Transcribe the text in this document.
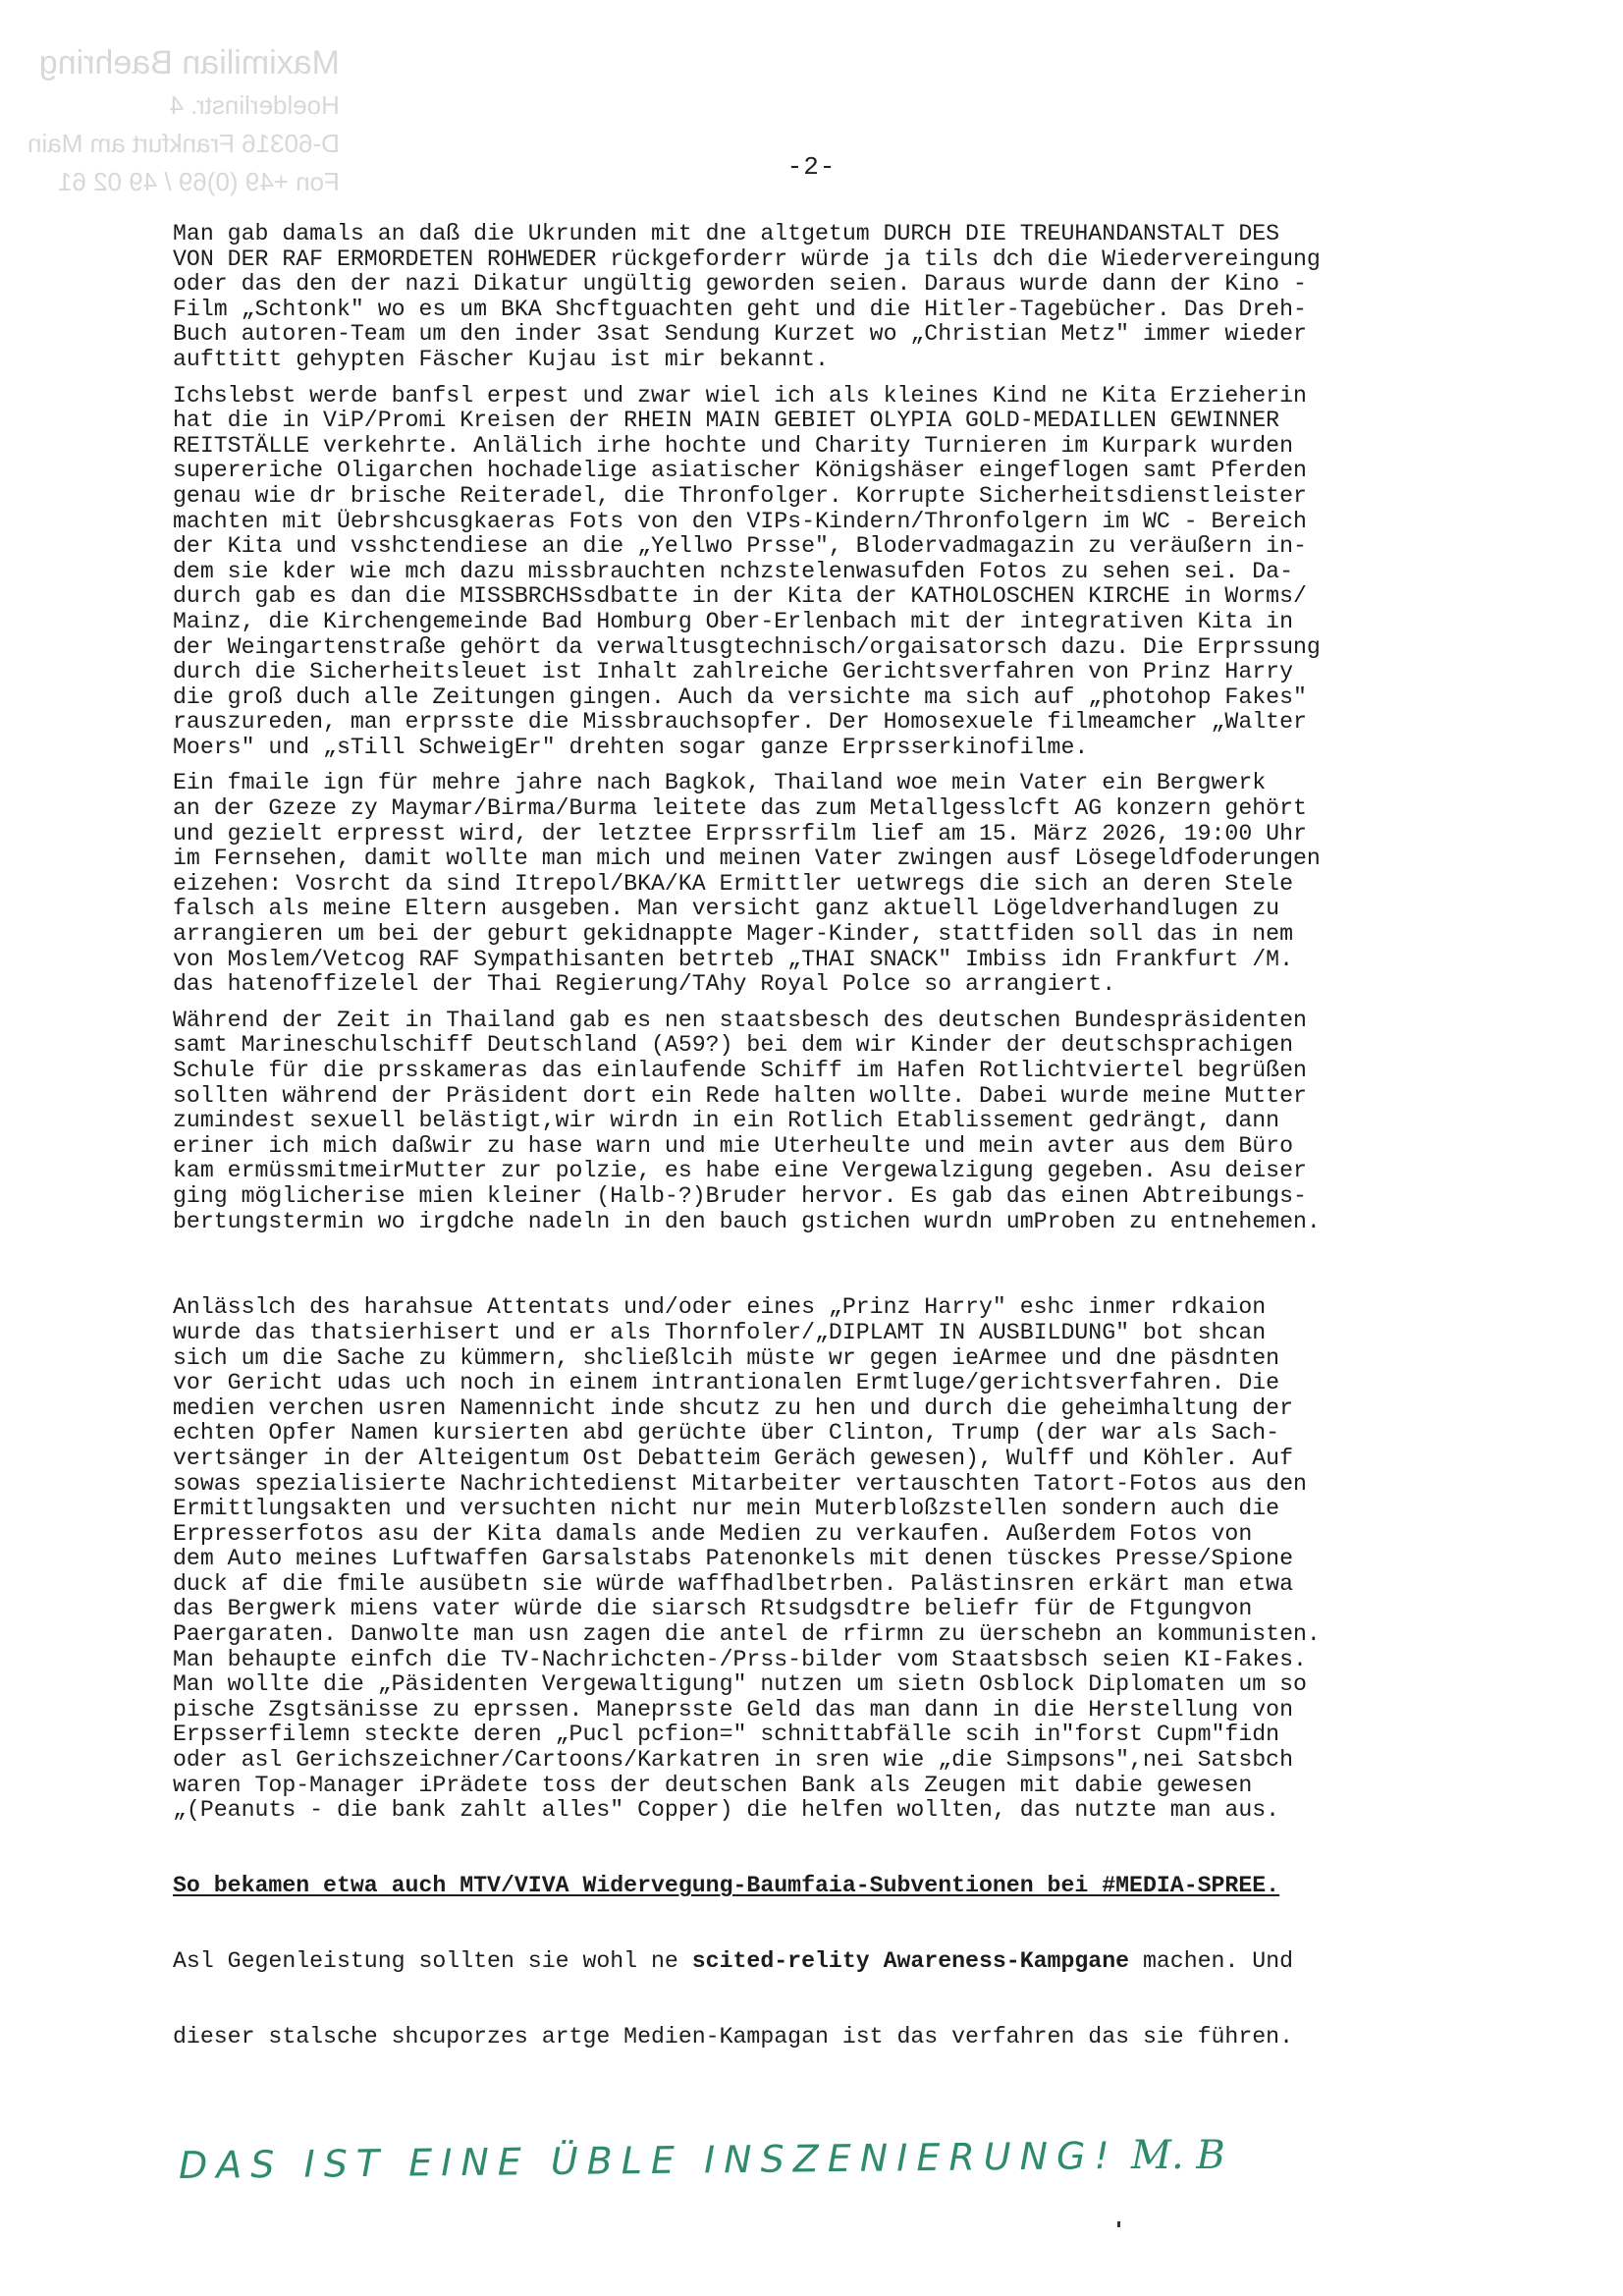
Maximilian Baehring
Hoelderlinstr. 4
D-60316 Frankfurt am Main
Fon +49 (0)69 / 49 02 61	-2-
Man gab damals an daß die Ukrunden mit dne altgetum DURCH DIE TREUHANDANSTALT DES
VON DER RAF ERMORDETEN ROHWEDER rückgeforderr würde ja tils dch die Wiedervereingung
oder das den der nazi Dikatur ungültig geworden seien. Daraus wurde dann der Kino -
Film „Schtonk" wo es um BKA Shcftguachten geht und die Hitler-Tagebücher. Das Dreh-
Buch autoren-Team um den inder 3sat Sendung Kurzet wo „Christian Metz" immer wieder
aufttitt gehypten Fäscher Kujau ist mir bekannt.
Ichslebst werde banfsl erpest und zwar wiel ich als kleines Kind ne Kita Erzieherin
hat die in ViP/Promi Kreisen der RHEIN MAIN GEBIET OLYPIA GOLD-MEDAILLEN GEWINNER
REITSTÄLLE verkehrte. Anlälich irhe hochte und Charity Turnieren im Kurpark wurden
supereriche Oligarchen hochadelige asiatischer Königshäser eingeflogen samt Pferden
genau wie dr brische Reiteradel, die Thronfolger. Korrupte Sicherheitsdienstleister
machten mit Üebrshcusgkaeras Fots von den VIPs-Kindern/Thronfolgern im WC - Bereich
der Kita und vsshctendiese an die „Yellwo Prsse", Blodervadmagazin zu veräußern in-
dem sie kder wie mch dazu missbrauchten nchzstelenwasufden Fotos zu sehen sei. Da-
durch gab es dan die MISSBRCHSsdbatte in der Kita der KATHOLOSCHEN KIRCHE in Worms/
Mainz, die Kirchengemeinde Bad Homburg Ober-Erlenbach mit der integrativen Kita in
der Weingartenstraße gehört da verwaltusgtechnisch/orgaisatorsch dazu. Die Erprssung
durch die Sicherheitsleuet ist Inhalt zahlreiche Gerichtsverfahren von Prinz Harry
die groß duch alle Zeitungen gingen. Auch da versichte ma sich auf „photohop Fakes"
rauszureden, man erprsste die Missbrauchsopfer. Der Homosexuele filmeamcher „Walter
Moers" und „sTill SchweigEr" drehten sogar ganze Erprsserkinofilme.
Ein fmaile ign für mehre jahre nach Bagkok, Thailand woe mein Vater ein Bergwerk
an der Gzeze zy Maymar/Birma/Burma leitete das zum Metallgesslcft AG konzern gehört
und gezielt erpresst wird, der letztee Erprssrfilm lief am 15. März 2026, 19:00 Uhr
im Fernsehen, damit wollte man mich und meinen Vater zwingen ausf Lösegeldfoderungen
eizehen: Vosrcht da sind Itrepol/BKA/KA Ermittler uetwregs die sich an deren Stele
falsch als meine Eltern ausgeben. Man versicht ganz aktuell Lögeldverhandlugen zu
arrangieren um bei der geburt gekidnappte Mager-Kinder, stattfiden soll das in nem
von Moslem/Vetcog RAF Sympathisanten betrteb „THAI SNACK" Imbiss idn Frankfurt /M.
das hatenoffizelel der Thai Regierung/TAhy Royal Polce so arrangiert.
Während der Zeit in Thailand gab es nen staatsbesch des deutschen Bundespräsidenten
samt Marineschulschiff Deutschland (A59?) bei dem wir Kinder der deutschsprachigen
Schule für die prsskameras das einlaufende Schiff im Hafen Rotlichtviertel begrüßen
sollten während der Präsident dort ein Rede halten wollte. Dabei wurde meine Mutter
zumindest sexuell belästigt,wir wirdn in ein Rotlich Etablissement gedrängt, dann
eriner ich mich daßwir zu hase warn und mie Uterheulte und mein avter aus dem Büro
kam ermüssmitmeirMutter zur polzie, es habe eine Vergewalzigung gegeben. Asu deiser
ging möglicherise mien kleiner (Halb-?)Bruder hervor. Es gab das einen Abtreibungs-
bertungstermin wo irgdche nadeln in den bauch gstichen wurdn umProben zu entnehemen.

Anlässlch des harahsue Attentats und/oder eines „Prinz Harry" eshc inmer rdkaion
wurde das thatsierhisert und er als Thornfoler/„DIPLAMT IN AUSBILDUNG" bot shcan
sich um die Sache zu kümmern, shcließlcih müste wr gegen ieArmee und dne päsdnten
vor Gericht udas uch noch in einem intrantionalen Ermtluge/gerichtsverfahren. Die
medien verchen usren Namennicht inde shcutz zu hen und durch die geheimhaltung der
echten Opfer Namen kursierten abd gerüchte über Clinton, Trump (der war als Sach-
vertsänger in der Alteigentum Ost Debatteim Geräch gewesen), Wulff und Köhler. Auf
sowas spezialisierte Nachrichtedienst Mitarbeiter vertauschten Tatort-Fotos aus den
Ermittlungsakten und versuchten nicht nur mein Muterbloßzstellen sondern auch die
Erpresserfotos asu der Kita damals ande Medien zu verkaufen. Außerdem Fotos von
dem Auto meines Luftwaffen Garsalstabs Patenonkels mit denen tüsckes Presse/Spione
duck af die fmile ausübetn sie würde waffhadlbetrben. Palästinsren erkärt man etwa
das Bergwerk miens vater würde die siarsch Rtsudgsdtre beliefr für de Ftgungvon
Paergaraten. Danwolte man usn zagen die antel de rfirmn zu üerschebn an kommunisten.
Man behaupte einfch die TV-Nachrichcten-/Prss-bilder vom Staatsbsch seien KI-Fakes.
Man wollte die „Päsidenten Vergewaltigung" nutzen um sietn Osblock Diplomaten um so
pische Zsgtsänisse zu eprssen. Maneprsste Geld das man dann in die Herstellung von
Erpsserfilemn steckte deren „Pucl pcfion=" schnittabfälle scih in"forst Cupm"fidn
oder asl Gerichszeichner/Cartoons/Karkatren in sren wie „die Simpsons",nei Satsbch
waren Top-Manager iPrädete toss der deutschen Bank als Zeugen mit dabie gewesen
„(Peanuts - die bank zahlt alles" Copper) die helfen wollten, das nutzte man aus.

So bekamen etwa auch MTV/VIVA Widervegung-Baumfaia-Subventionen bei #MEDIA-SPREE.

Asl Gegenleistung sollten sie wohl ne scited-relity Awareness-Kampgane machen. Und

dieser stalsche shcuporzes artge Medien-Kampagan ist das verfahren das sie führen.

DAS IST EINE ÜBLE INSZENIERUNG! M. B
